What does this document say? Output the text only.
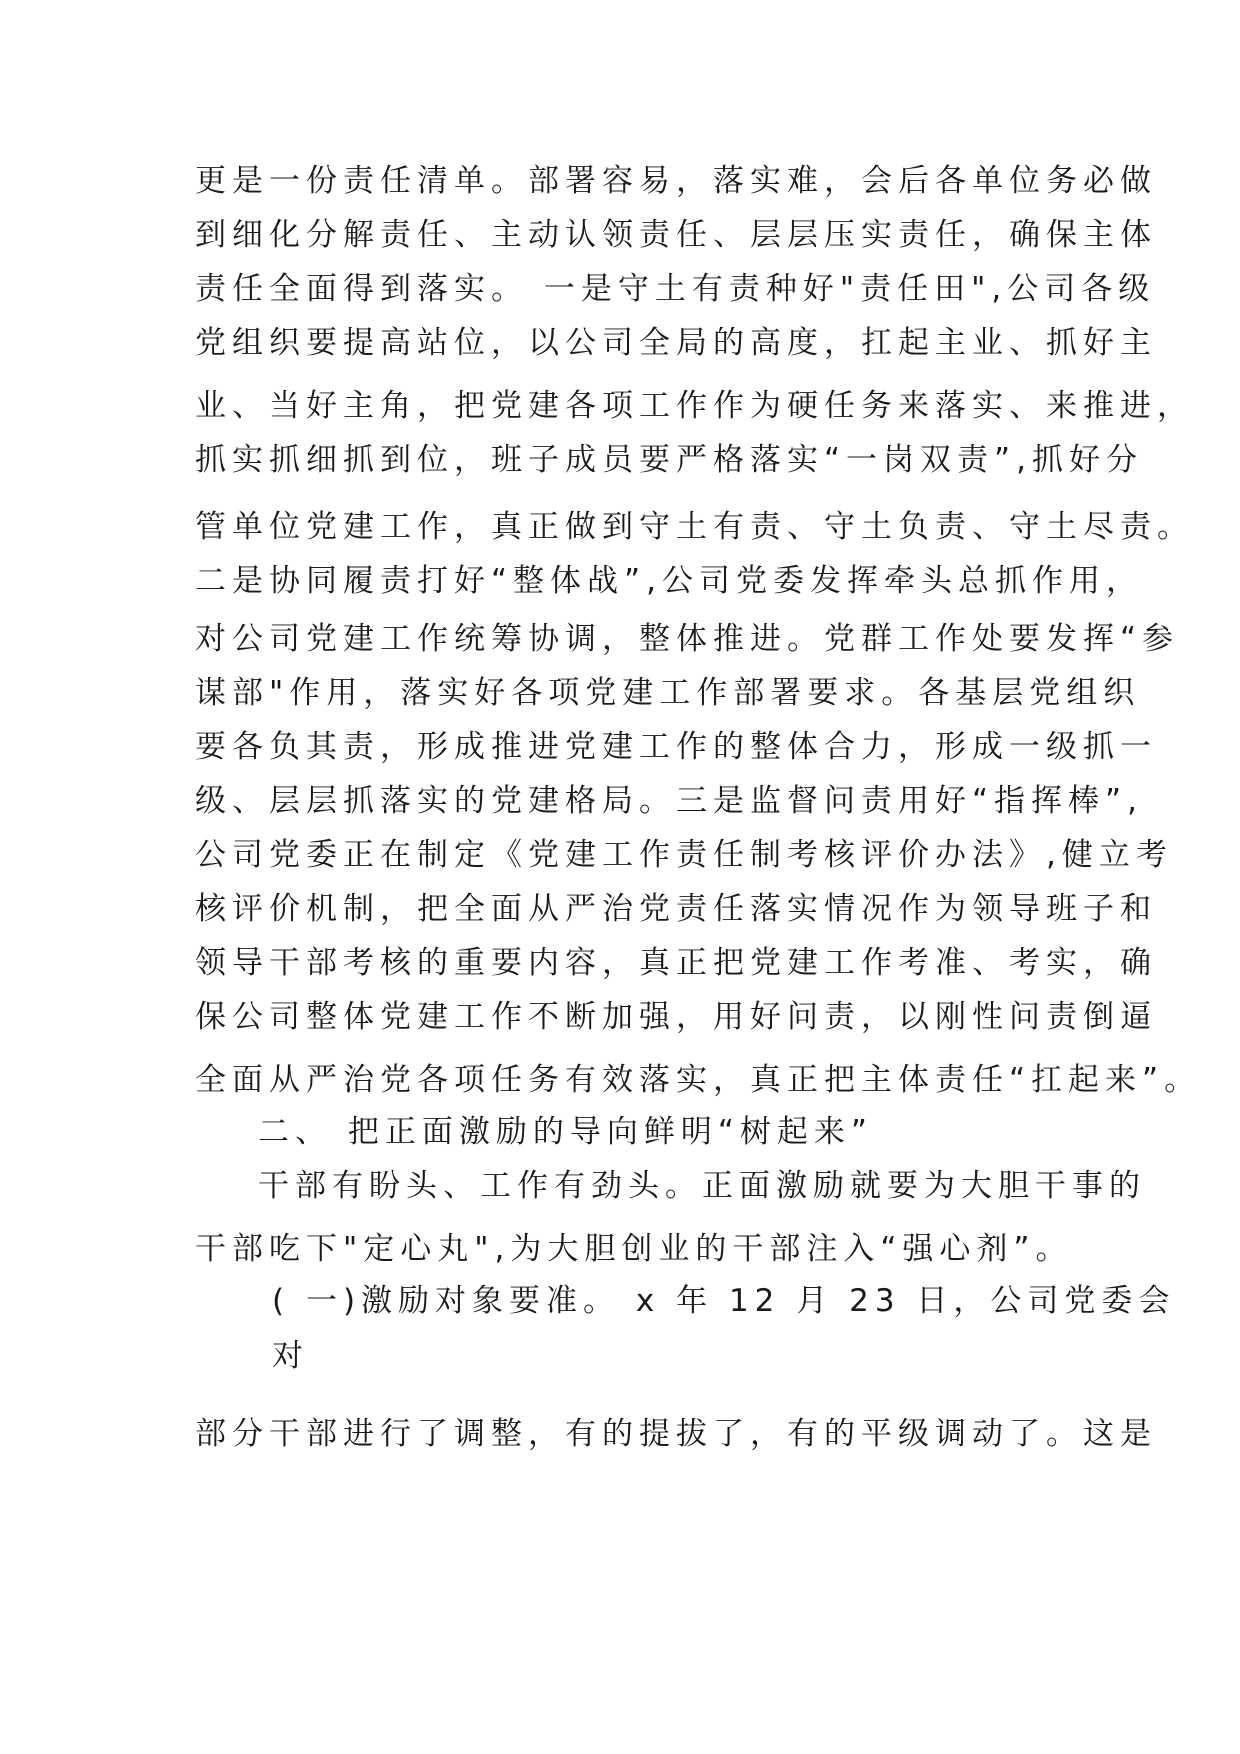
更是一份责任清单。部署容易，落实难，会后各单位务必做
到细化分解责任、主动认领责任、层层压实责任，确保主体
责任全面得到落实。 一是守土有责种好"责任田",公司各级
党组织要提高站位，以公司全局的高度，扛起主业、抓好主
业、当好主角，把党建各项工作作为硬任务来落实、来推进，
抓实抓细抓到位，班子成员要严格落实“一岗双责”,抓好分
管单位党建工作，真正做到守土有责、守土负责、守土尽责。
二是协同履责打好“整体战”,公司党委发挥牵头总抓作用，
对公司党建工作统筹协调，整体推进。党群工作处要发挥“参
谋部"作用，落实好各项党建工作部署要求。各基层党组织
要各负其责，形成推进党建工作的整体合力，形成一级抓一
级、层层抓落实的党建格局。三是监督问责用好“指挥棒”,
公司党委正在制定《党建工作责任制考核评价办法》,健立考
核评价机制，把全面从严治党责任落实情况作为领导班子和
领导干部考核的重要内容，真正把党建工作考准、考实，确
保公司整体党建工作不断加强，用好问责，以刚性问责倒逼
全面从严治党各项任务有效落实，真正把主体责任“扛起来”。
二、 把正面激励的导向鲜明“树起来”
干部有盼头、工作有劲头。正面激励就要为大胆干事的
干部吃下"定心丸",为大胆创业的干部注入“强心剂”。
( 一)激励对象要准。 x 年 12 月 23 日，公司党委会
对
部分干部进行了调整，有的提拔了，有的平级调动了。这是
